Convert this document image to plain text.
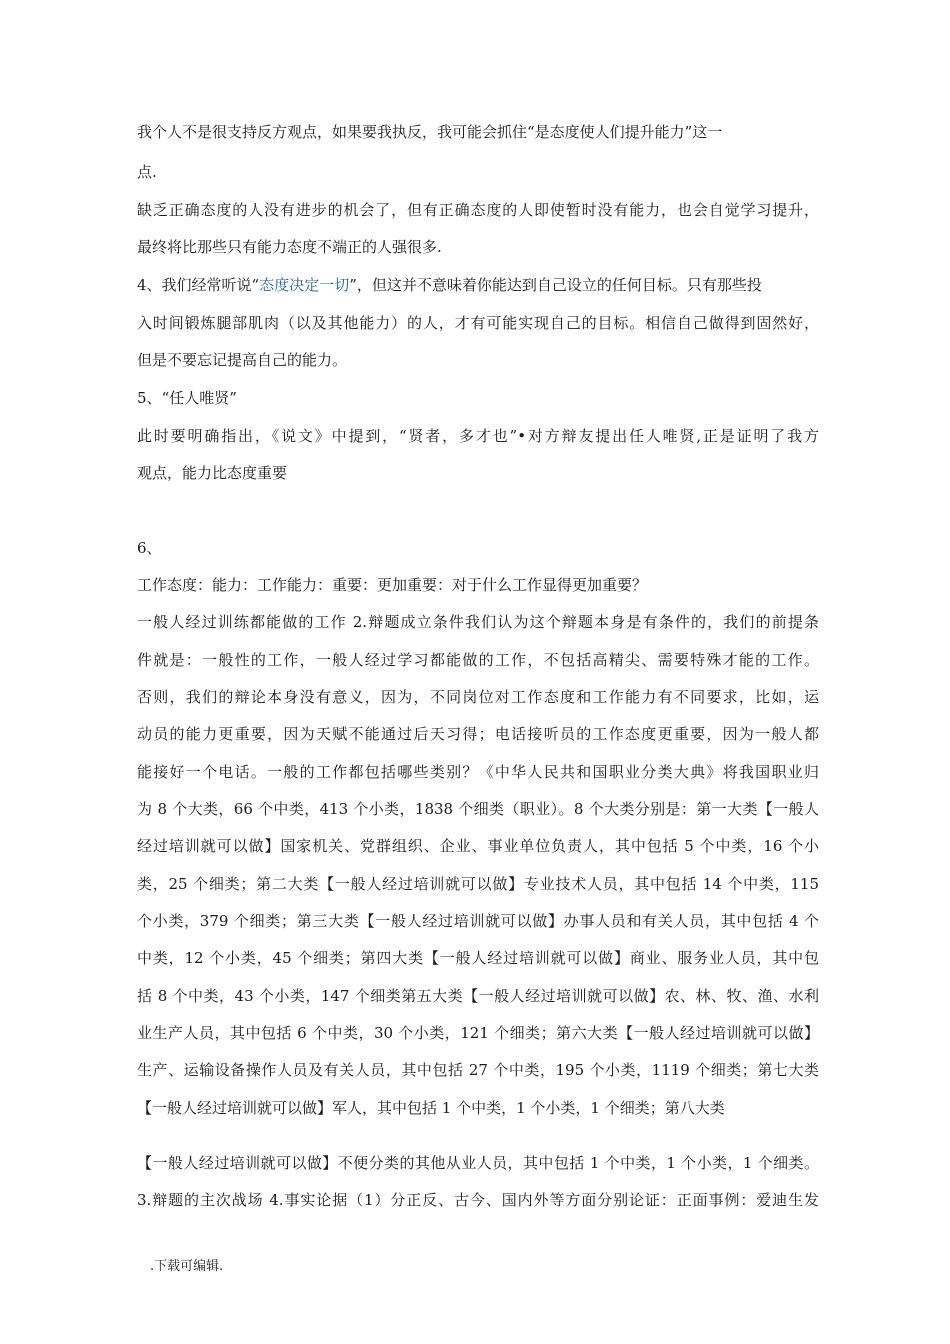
我个人不是很支持反方观点，如果要我执反，我可能会抓住“是态度使人们提升能力”这一
点.
缺乏正确态度的人没有进步的机会了，但有正确态度的人即使暂时没有能力，也会自觉学习提升，
最终将比那些只有能力态度不端正的人强很多.
4、我们经常听说“态度决定一切”，但这并不意味着你能达到自己设立的任何目标。只有那些投
入时间锻炼腿部肌肉（以及其他能力）的人，才有可能实现自己的目标。相信自己做得到固然好，
但是不要忘记提高自己的能力。
5、“任人唯贤”
此时要明确指出，《说文》中提到，“贤者，多才也”•对方辩友提出任人唯贤,正是证明了我方
观点，能力比态度重要
6、
工作态度：能力：工作能力：重要：更加重要：对于什么工作显得更加重要？
一般人经过训练都能做的工作 2.辩题成立条件我们认为这个辩题本身是有条件的，我们的前提条
件就是：一般性的工作，一般人经过学习都能做的工作，不包括高精尖、需要特殊才能的工作。
否则，我们的辩论本身没有意义，因为，不同岗位对工作态度和工作能力有不同要求，比如，运
动员的能力更重要，因为天赋不能通过后天习得；电话接听员的工作态度更重要，因为一般人都
能接好一个电话。一般的工作都包括哪些类别？《中华人民共和国职业分类大典》将我国职业归
为 8 个大类，66 个中类，413 个小类，1838 个细类（职业）。8 个大类分别是：第一大类【一般人
经过培训就可以做】国家机关、党群组织、企业、事业单位负责人，其中包括 5 个中类，16 个小
类，25 个细类；第二大类【一般人经过培训就可以做】专业技术人员，其中包括 14 个中类，115
个小类，379 个细类；第三大类【一般人经过培训就可以做】办事人员和有关人员，其中包括 4 个
中类，12 个小类，45 个细类；第四大类【一般人经过培训就可以做】商业、服务业人员，其中包
括 8 个中类，43 个小类，147 个细类第五大类【一般人经过培训就可以做】农、林、牧、渔、水利
业生产人员，其中包括 6 个中类，30 个小类，121 个细类；第六大类【一般人经过培训就可以做】
生产、运输设备操作人员及有关人员，其中包括 27 个中类，195 个小类，1119 个细类；第七大类
【一般人经过培训就可以做】军人，其中包括 1 个中类，1 个小类，1 个细类；第八大类
【一般人经过培训就可以做】不便分类的其他从业人员，其中包括 1 个中类，1 个小类，1 个细类。
3.辩题的主次战场 4.事实论据（1）分正反、古今、国内外等方面分别论证：正面事例：爱迪生发
.下载可编辑.
